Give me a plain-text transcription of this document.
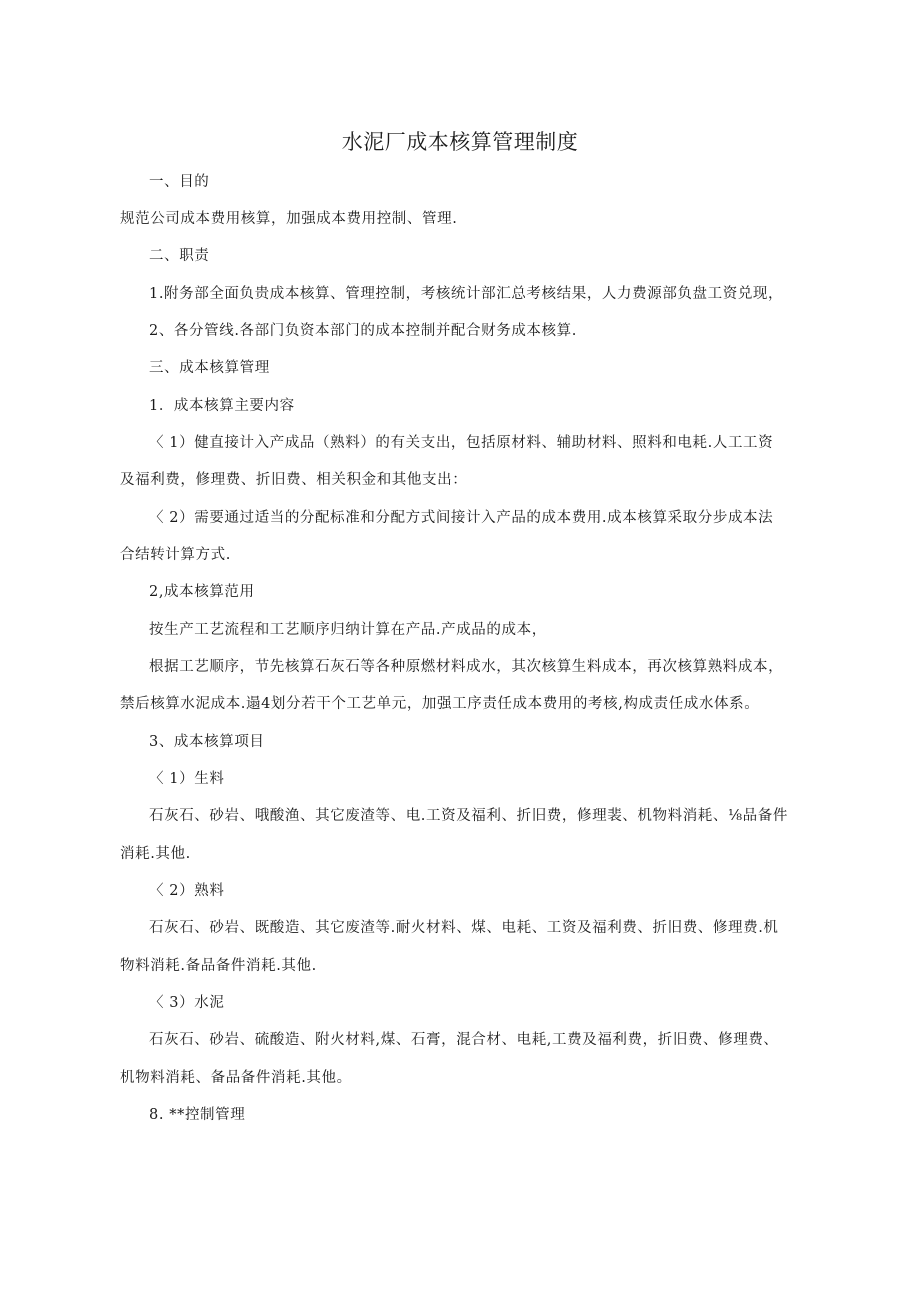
水泥厂成本核算管理制度
一、目的
规范公司成本费用核算，加强成本费用控制、管理.
二、职责
1.附务部全面负贵成本核算、管理控制，考核统计部汇总考核结果，人力费源部负盘工资兑现，
2、各分管线.各部门负资本部门的成本控制并配合财务成本核算.
三、成本核算管理
1．成本核算主要内容
〈 1）健直接计入产成品（熟料）的有关支出，包括原材料、辅助材料、照料和电耗.人工工资
及福利费，修理费、折旧费、相关积金和其他支出：
〈 2）需要通过适当的分配标准和分配方式间接计入产品的成本费用.成本核算采取分步成本法
合结转计算方式.
2,成本核算范用
按生产工艺流程和工艺顺序归纳计算在产品.产成品的成本，
根据工艺顺序，节先核算石灰石等各种原燃材料成水，其次核算生料成本，再次核算熟料成本，
禁后核算水泥成本.遢4划分若干个工艺单元，加强工序责任成本费用的考核,构成责任成水体系。
3、成本核算项目
〈 1）生料
石灰石、砂岩、哦酸渔、其它废渣等、电.工资及福利、折旧费，修理裴、机物料消耗、⅛品备件
消耗.其他.
〈 2）熟料
石灰石、砂岩、既酸造、其它废渣等.耐火材料、煤、电耗、工资及福利费、折旧费、修理费.机
物料消耗.备品备件消耗.其他.
〈 3）水泥
石灰石、砂岩、硫酸造、附火材料,煤、石膏，混合材、电耗,工费及福利费，折旧费、修理费、
机物料消耗、备品备件消耗.其他。
8. **控制管理
